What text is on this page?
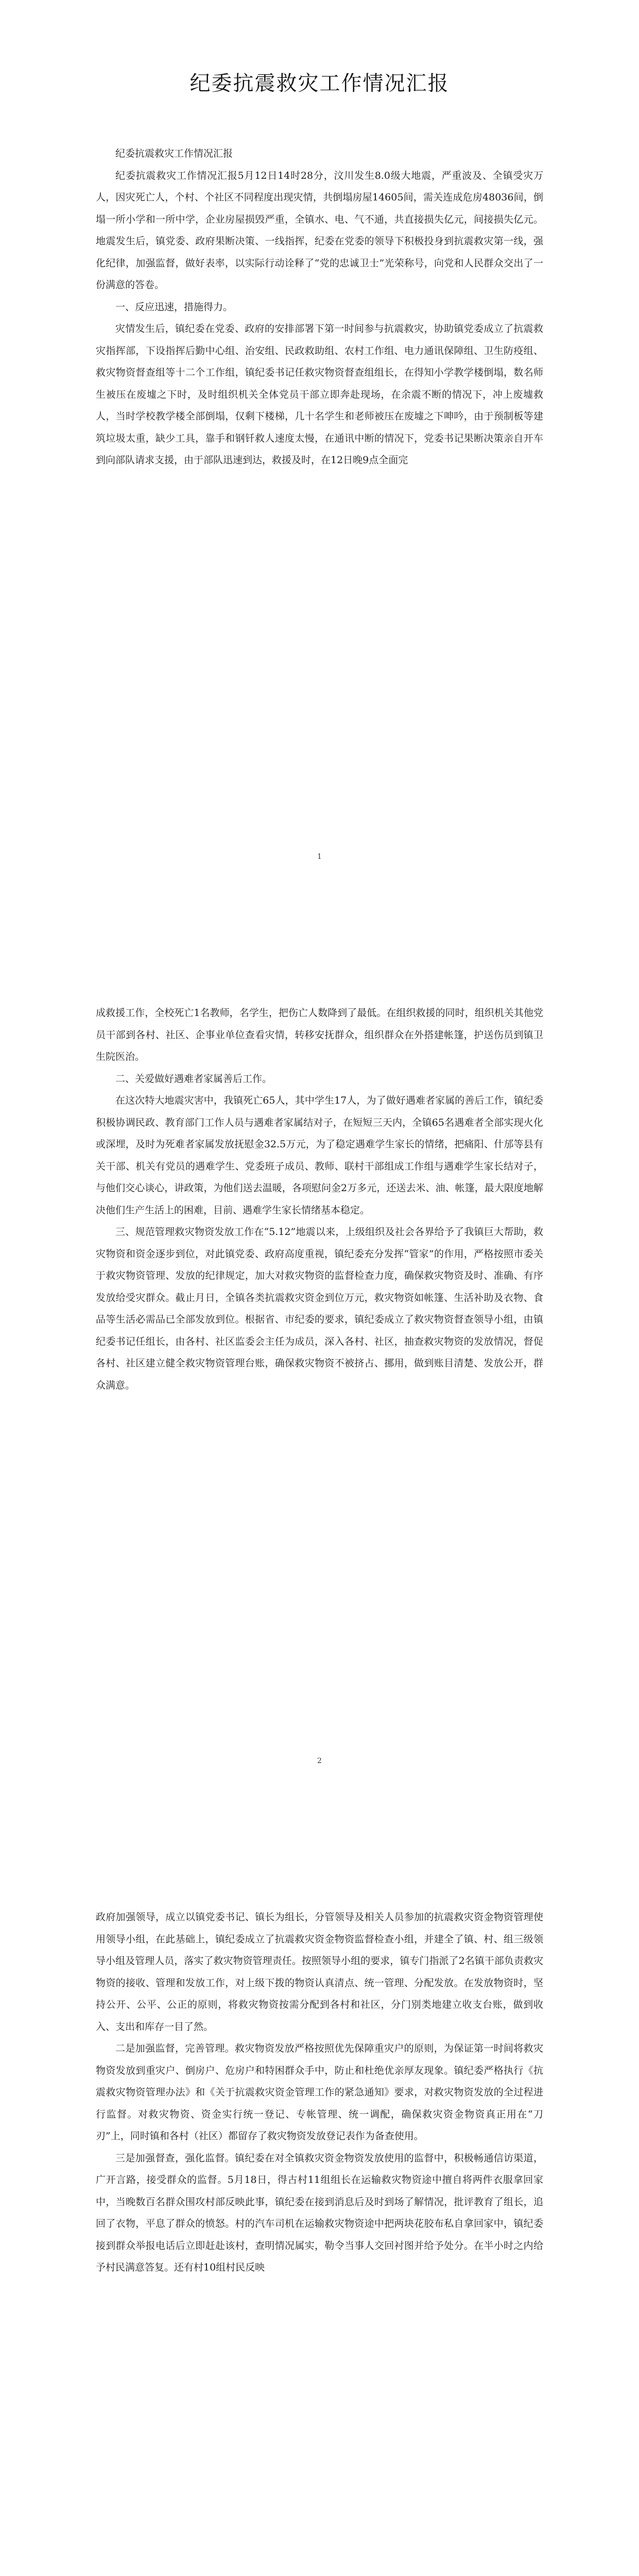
纪委抗震救灾工作情况汇报

纪委抗震救灾工作情况汇报

纪委抗震救灾工作情况汇报5月12日14时28分，汶川发生8.0级大地震，严重波及、全镇受灾万人，因灾死亡人，个村、个社区不同程度出现灾情，共倒塌房屋14605间，需关连成危房48036间，倒塌一所小学和一所中学，企业房屋损毁严重，全镇水、电、气不通，共直接损失亿元，间接损失亿元。地震发生后，镇党委、政府果断决策、一线指挥，纪委在党委的领导下积极投身到抗震救灾第一线，强化纪律，加强监督，做好表率，以实际行动诠释了“党的忠诚卫士”光荣称号，向党和人民群众交出了一份满意的答卷。

一、反应迅速，措施得力。

灾情发生后，镇纪委在党委、政府的安排部署下第一时间参与抗震救灾，协助镇党委成立了抗震救灾指挥部，下设指挥后勤中心组、治安组、民政救助组、农村工作组、电力通讯保障组、卫生防疫组、救灾物资督查组等十二个工作组，镇纪委书记任救灾物资督查组组长，在得知小学教学楼倒塌，数名师生被压在废墟之下时，及时组织机关全体党员干部立即奔赴现场，在余震不断的情况下，冲上废墟救人，当时学校教学楼全部倒塌，仅剩下楼梯，几十名学生和老师被压在废墟之下呻吟，由于预制板等建筑垃圾太重，缺少工具，靠手和钢钎救人速度太慢，在通讯中断的情况下，党委书记果断决策亲自开车到向部队请求支援，由于部队迅速到达，救援及时，在12日晚9点全面完

1

成救援工作，全校死亡1名教师，名学生，把伤亡人数降到了最低。在组织救援的同时，组织机关其他党员干部到各村、社区、企事业单位查看灾情，转移安抚群众，组织群众在外搭建帐篷，护送伤员到镇卫生院医治。

二、关爱做好遇难者家属善后工作。

在这次特大地震灾害中，我镇死亡65人，其中学生17人，为了做好遇难者家属的善后工作，镇纪委积极协调民政、教育部门工作人员与遇难者家属结对子，在短短三天内，全镇65名遇难者全部实现火化或深埋，及时为死难者家属发放抚慰金32.5万元，为了稳定遇难学生家长的情绪，把痛阳、什邡等县有关干部、机关有党员的遇难学生、党委班子成员、教师、联村干部组成工作组与遇难学生家长结对子，与他们交心谈心，讲政策，为他们送去温暖，各项慰问金2万多元，还送去米、油、帐篷，最大限度地解决他们生产生活上的困难，目前、遇难学生家长情绪基本稳定。

三、规范管理救灾物资发放工作在“5.12”地震以来，上级组织及社会各界给予了我镇巨大帮助，救灾物资和资金逐步到位，对此镇党委、政府高度重视，镇纪委充分发挥“管家”的作用，严格按照市委关于救灾物资管理、发放的纪律规定，加大对救灾物资的监督检查力度，确保救灾物资及时、准确、有序发放给受灾群众。截止月日，全镇各类抗震救灾资金到位万元，救灾物资如帐篷、生活补助及衣物、食品等生活必需品已全部发放到位。根据省、市纪委的要求，镇纪委成立了救灾物资督查领导小组，由镇纪委书记任组长，由各村、社区监委会主任为成员，深入各村、社区，抽查救灾物资的发放情况，督促各村、社区建立健全救灾物资管理台账，确保救灾物资不被挤占、挪用，做到账目清楚、发放公开，群众满意。

2

政府加强领导，成立以镇党委书记、镇长为组长，分管领导及相关人员参加的抗震救灾资金物资管理使用领导小组，在此基础上，镇纪委成立了抗震救灾资金物资监督检查小组，并建全了镇、村、组三级领导小组及管理人员，落实了救灾物资管理责任。按照领导小组的要求，镇专门指派了2名镇干部负责救灾物资的接收、管理和发放工作，对上级下拨的物资认真清点、统一管理、分配发放。在发放物资时，坚持公开、公平、公正的原则，将救灾物资按需分配到各村和社区，分门别类地建立收支台账，做到收入、支出和库存一目了然。

二是加强监督，完善管理。救灾物资发放严格按照优先保障重灾户的原则，为保证第一时间将救灾物资发放到重灾户、倒房户、危房户和特困群众手中，防止和杜绝优亲厚友现象。镇纪委严格执行《抗震救灾物资管理办法》和《关于抗震救灾资金管理工作的紧急通知》要求，对救灾物资发放的全过程进行监督。对救灾物资、资金实行统一登记、专帐管理、统一调配，确保救灾资金物资真正用在“刀刃”上，同时镇和各村（社区）都留存了救灾物资发放登记表作为备查使用。

三是加强督查，强化监督。镇纪委在对全镇救灾资金物资发放使用的监督中，积极畅通信访渠道，广开言路，接受群众的监督。5月18日，得古村11组组长在运输救灾物资途中擅自将两件衣服拿回家中，当晚数百名群众围攻村部反映此事，镇纪委在接到消息后及时到场了解情况，批评教育了组长，追回了衣物，平息了群众的愤怒。村的汽车司机在运输救灾物资途中把两块花胶布私自拿回家中，镇纪委接到群众举报电话后立即赶赴该村，查明情况属实，勒令当事人交回衬图并给予处分。在半小时之内给予村民满意答复。还有村10组村民反映
